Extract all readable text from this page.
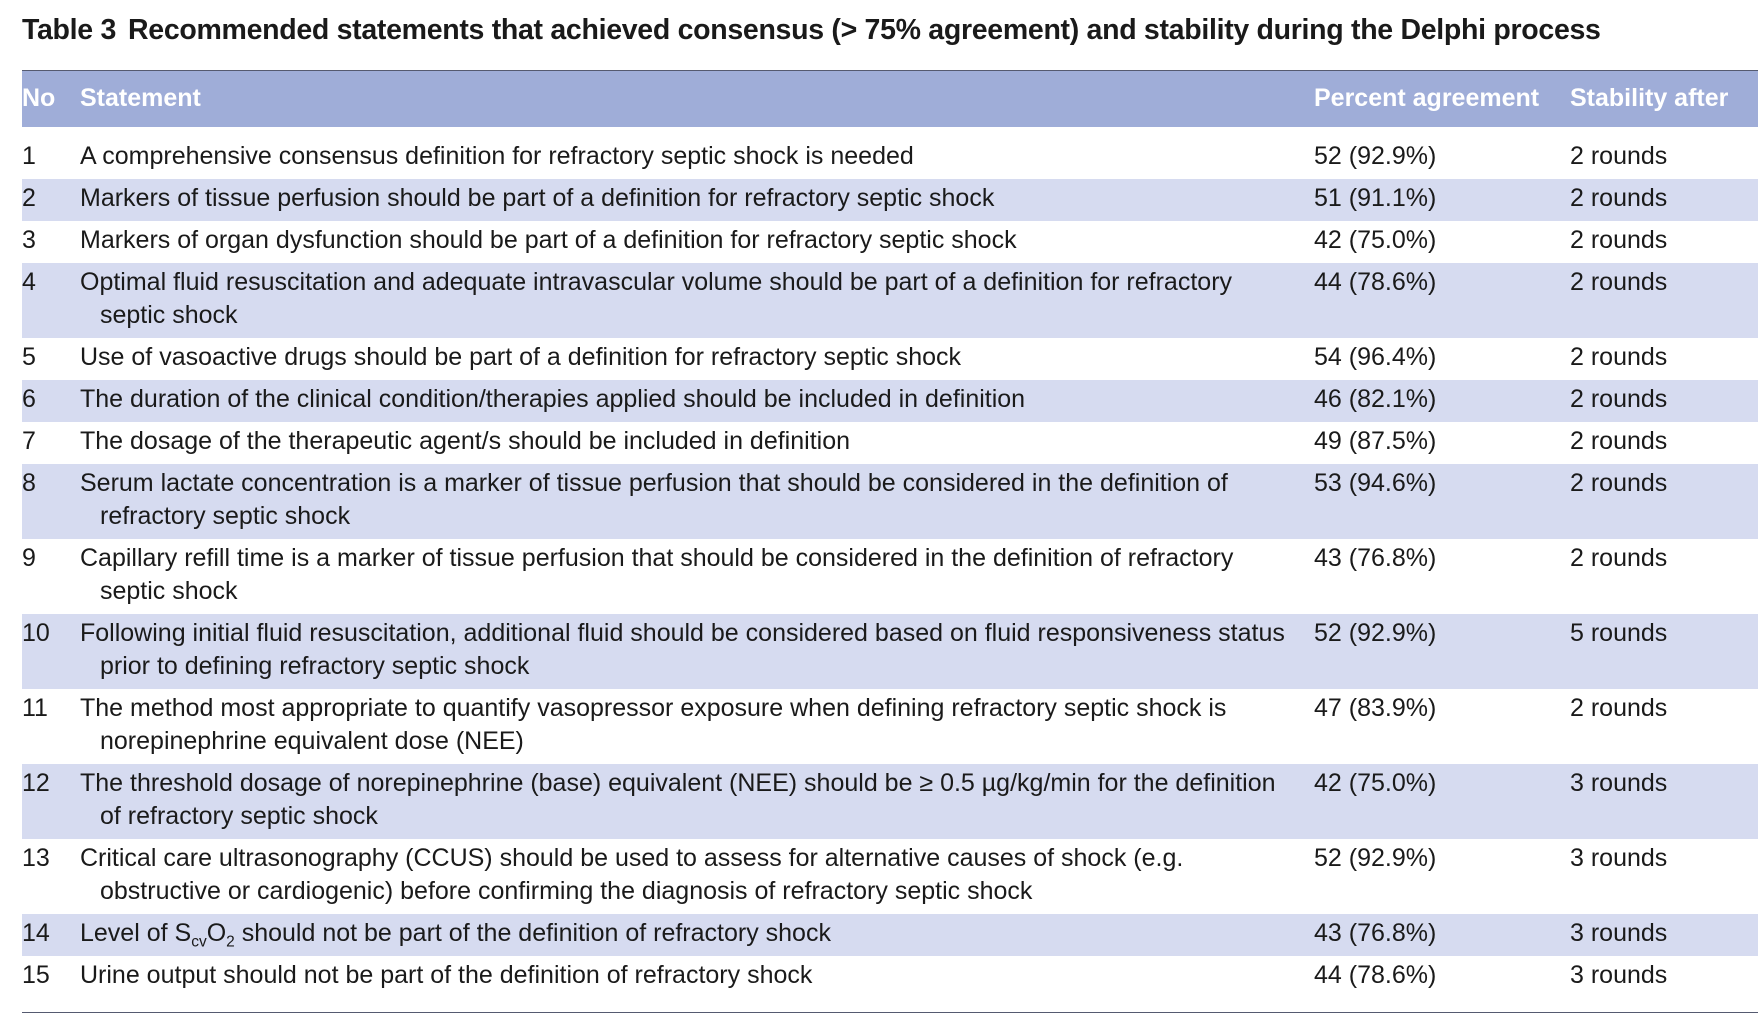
Table 3 Recommended statements that achieved consensus (> 75% agreement) and stability during the Delphi process
No	Statement	Percent agreement	Stability after

1	A comprehensive consensus definition for refractory septic shock is needed	52 (92.9%)	2 rounds
2	Markers of tissue perfusion should be part of a definition for refractory septic shock	51 (91.1%)	2 rounds
3	Markers of organ dysfunction should be part of a definition for refractory septic shock	42 (75.0%)	2 rounds
4	Optimal fluid resuscitation and adequate intravascular volume should be part of a definition for refractory septic shock	44 (78.6%)	2 rounds
5	Use of vasoactive drugs should be part of a definition for refractory septic shock	54 (96.4%)	2 rounds
6	The duration of the clinical condition/therapies applied should be included in definition	46 (82.1%)	2 rounds
7	The dosage of the therapeutic agent/s should be included in definition	49 (87.5%)	2 rounds
8	Serum lactate concentration is a marker of tissue perfusion that should be considered in the definition of refractory septic shock	53 (94.6%)	2 rounds
9	Capillary refill time is a marker of tissue perfusion that should be considered in the definition of refractory septic shock	43 (76.8%)	2 rounds
10	Following initial fluid resuscitation, additional fluid should be considered based on fluid responsiveness status prior to defining refractory septic shock	52 (92.9%)	5 rounds
11	The method most appropriate to quantify vasopressor exposure when defining refractory septic shock is norepinephrine equivalent dose (NEE)	47 (83.9%)	2 rounds
12	The threshold dosage of norepinephrine (base) equivalent (NEE) should be ≥ 0.5 µg/kg/min for the definition of refractory septic shock	42 (75.0%)	3 rounds
13	Critical care ultrasonography (CCUS) should be used to assess for alternative causes of shock (e.g. obstructive or cardiogenic) before confirming the diagnosis of refractory septic shock	52 (92.9%)	3 rounds
14	Level of $S_{cv}O_2$ should not be part of the definition of refractory shock	43 (76.8%)	3 rounds
15	Urine output should not be part of the definition of refractory shock	44 (78.6%)	3 rounds
